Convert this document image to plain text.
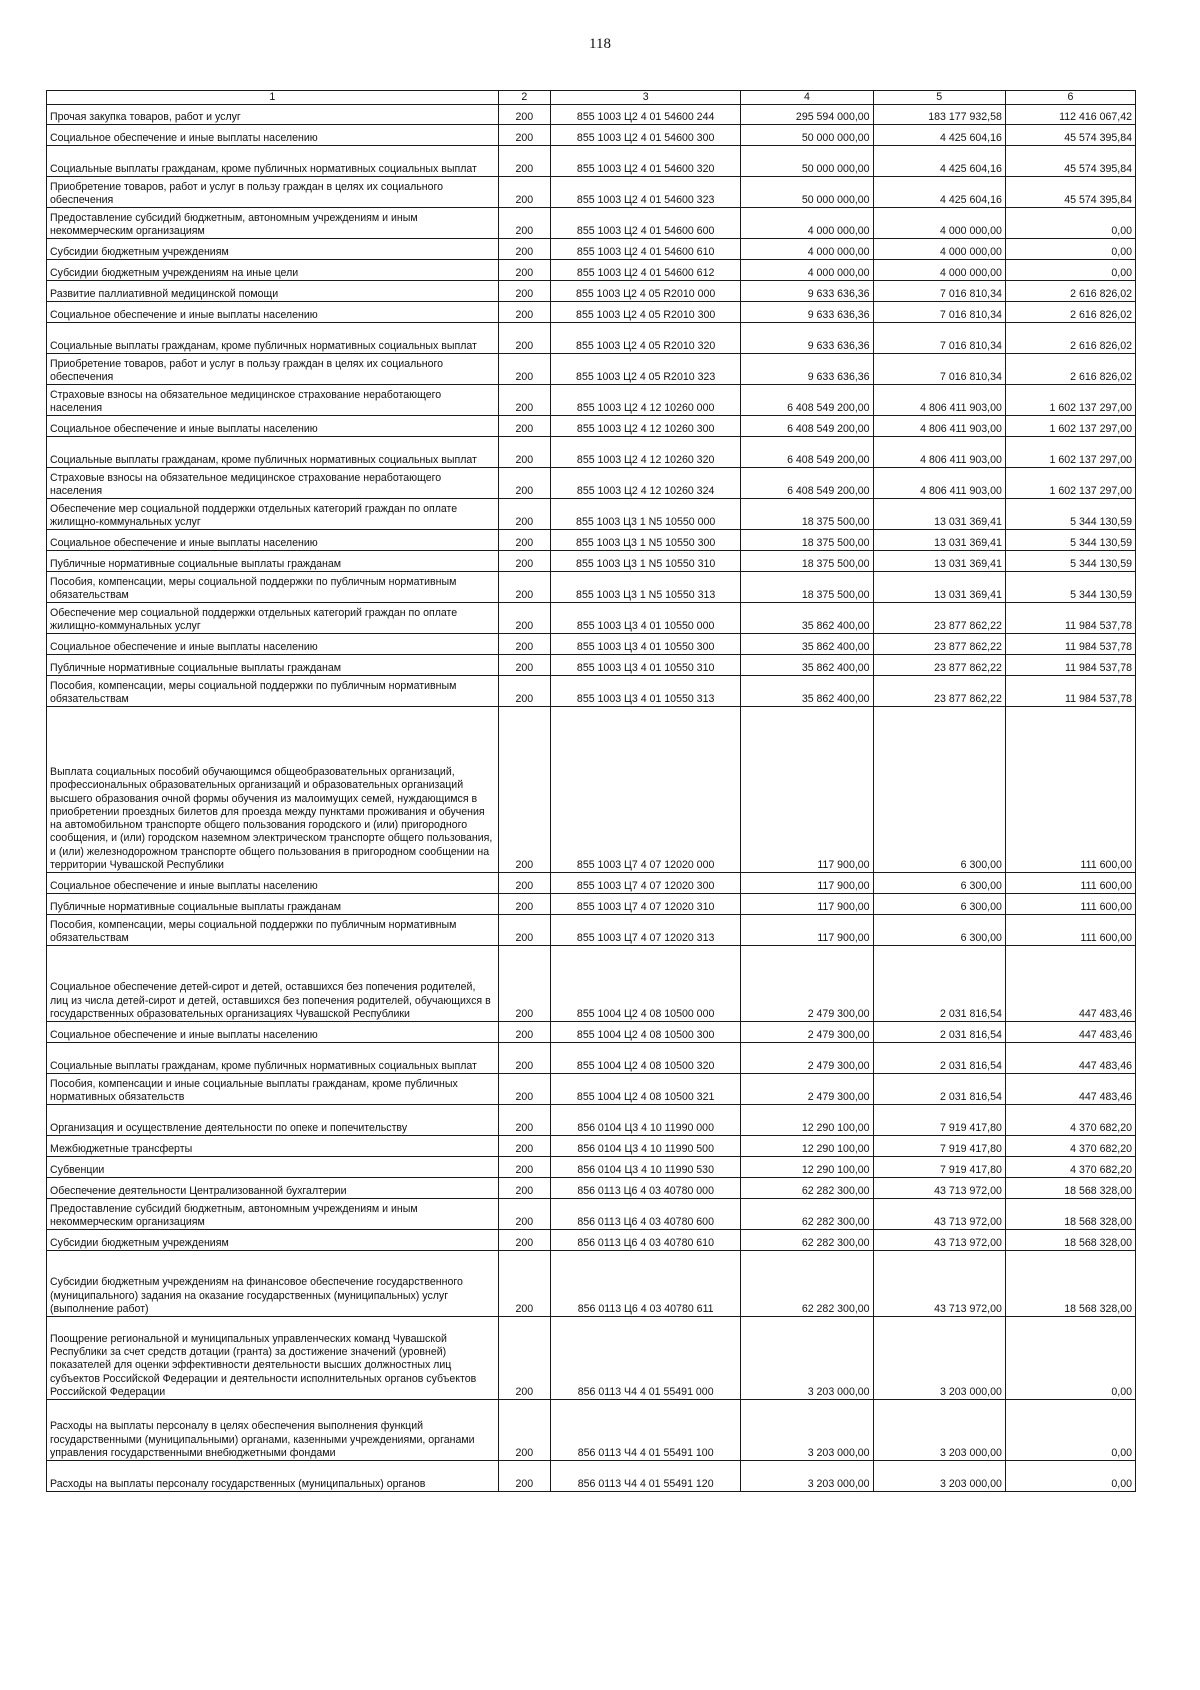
118
1	2	3	4	5	6
Прочая закупка товаров, работ и услуг	200	855 1003 Ц2 4 01 54600 244	295 594 000,00	183 177 932,58	112 416 067,42
Социальное обеспечение и иные выплаты населению	200	855 1003 Ц2 4 01 54600 300	50 000 000,00	4 425 604,16	45 574 395,84
Социальные выплаты гражданам, кроме публичных нормативных социальных выплат	200	855 1003 Ц2 4 01 54600 320	50 000 000,00	4 425 604,16	45 574 395,84
Приобретение товаров, работ и услуг в пользу граждан в целях их социального обеспечения	200	855 1003 Ц2 4 01 54600 323	50 000 000,00	4 425 604,16	45 574 395,84
Предоставление субсидий бюджетным, автономным учреждениям и иным некоммерческим организациям	200	855 1003 Ц2 4 01 54600 600	4 000 000,00	4 000 000,00	0,00
Субсидии бюджетным учреждениям	200	855 1003 Ц2 4 01 54600 610	4 000 000,00	4 000 000,00	0,00
Субсидии бюджетным учреждениям на иные цели	200	855 1003 Ц2 4 01 54600 612	4 000 000,00	4 000 000,00	0,00
Развитие паллиативной медицинской помощи	200	855 1003 Ц2 4 05 R2010 000	9 633 636,36	7 016 810,34	2 616 826,02
Социальное обеспечение и иные выплаты населению	200	855 1003 Ц2 4 05 R2010 300	9 633 636,36	7 016 810,34	2 616 826,02
Социальные выплаты гражданам, кроме публичных нормативных социальных выплат	200	855 1003 Ц2 4 05 R2010 320	9 633 636,36	7 016 810,34	2 616 826,02
Приобретение товаров, работ и услуг в пользу граждан в целях их социального обеспечения	200	855 1003 Ц2 4 05 R2010 323	9 633 636,36	7 016 810,34	2 616 826,02
Страховые взносы на обязательное медицинское страхование неработающего населения	200	855 1003 Ц2 4 12 10260 000	6 408 549 200,00	4 806 411 903,00	1 602 137 297,00
Социальное обеспечение и иные выплаты населению	200	855 1003 Ц2 4 12 10260 300	6 408 549 200,00	4 806 411 903,00	1 602 137 297,00
Социальные выплаты гражданам, кроме публичных нормативных социальных выплат	200	855 1003 Ц2 4 12 10260 320	6 408 549 200,00	4 806 411 903,00	1 602 137 297,00
Страховые взносы на обязательное медицинское страхование неработающего населения	200	855 1003 Ц2 4 12 10260 324	6 408 549 200,00	4 806 411 903,00	1 602 137 297,00
Обеспечение мер социальной поддержки отдельных категорий граждан по оплате жилищно-коммунальных услуг	200	855 1003 Ц3 1 N5 10550 000	18 375 500,00	13 031 369,41	5 344 130,59
Социальное обеспечение и иные выплаты населению	200	855 1003 Ц3 1 N5 10550 300	18 375 500,00	13 031 369,41	5 344 130,59
Публичные нормативные социальные выплаты гражданам	200	855 1003 Ц3 1 N5 10550 310	18 375 500,00	13 031 369,41	5 344 130,59
Пособия, компенсации, меры социальной поддержки по публичным нормативным обязательствам	200	855 1003 Ц3 1 N5 10550 313	18 375 500,00	13 031 369,41	5 344 130,59
Обеспечение мер социальной поддержки отдельных категорий граждан по оплате жилищно-коммунальных услуг	200	855 1003 Ц3 4 01 10550 000	35 862 400,00	23 877 862,22	11 984 537,78
Социальное обеспечение и иные выплаты населению	200	855 1003 Ц3 4 01 10550 300	35 862 400,00	23 877 862,22	11 984 537,78
Публичные нормативные социальные выплаты гражданам	200	855 1003 Ц3 4 01 10550 310	35 862 400,00	23 877 862,22	11 984 537,78
Пособия, компенсации, меры социальной поддержки по публичным нормативным обязательствам	200	855 1003 Ц3 4 01 10550 313	35 862 400,00	23 877 862,22	11 984 537,78
Выплата социальных пособий обучающимся общеобразовательных организаций, профессиональных образовательных организаций и образовательных организаций высшего образования очной формы обучения из малоимущих семей, нуждающимся в приобретении проездных билетов для проезда между пунктами проживания и обучения на автомобильном транспорте общего пользования городского и (или) пригородного сообщения, и (или) городском наземном электрическом транспорте общего пользования, и (или) железнодорожном транспорте общего пользования в пригородном сообщении на территории Чувашской Республики	200	855 1003 Ц7 4 07 12020 000	117 900,00	6 300,00	111 600,00
Социальное обеспечение и иные выплаты населению	200	855 1003 Ц7 4 07 12020 300	117 900,00	6 300,00	111 600,00
Публичные нормативные социальные выплаты гражданам	200	855 1003 Ц7 4 07 12020 310	117 900,00	6 300,00	111 600,00
Пособия, компенсации, меры социальной поддержки по публичным нормативным обязательствам	200	855 1003 Ц7 4 07 12020 313	117 900,00	6 300,00	111 600,00
Социальное обеспечение детей-сирот и детей, оставшихся без попечения родителей, лиц из числа детей-сирот и детей, оставшихся без попечения родителей, обучающихся в государственных образовательных организациях Чувашской Республики	200	855 1004 Ц2 4 08 10500 000	2 479 300,00	2 031 816,54	447 483,46
Социальное обеспечение и иные выплаты населению	200	855 1004 Ц2 4 08 10500 300	2 479 300,00	2 031 816,54	447 483,46
Социальные выплаты гражданам, кроме публичных нормативных социальных выплат	200	855 1004 Ц2 4 08 10500 320	2 479 300,00	2 031 816,54	447 483,46
Пособия, компенсации и иные социальные выплаты гражданам, кроме публичных нормативных обязательств	200	855 1004 Ц2 4 08 10500 321	2 479 300,00	2 031 816,54	447 483,46
Организация и осуществление деятельности по опеке и попечительству	200	856 0104 Ц3 4 10 11990 000	12 290 100,00	7 919 417,80	4 370 682,20
Межбюджетные трансферты	200	856 0104 Ц3 4 10 11990 500	12 290 100,00	7 919 417,80	4 370 682,20
Субвенции	200	856 0104 Ц3 4 10 11990 530	12 290 100,00	7 919 417,80	4 370 682,20
Обеспечение деятельности Централизованной бухгалтерии	200	856 0113 Ц6 4 03 40780 000	62 282 300,00	43 713 972,00	18 568 328,00
Предоставление субсидий бюджетным, автономным учреждениям и иным некоммерческим организациям	200	856 0113 Ц6 4 03 40780 600	62 282 300,00	43 713 972,00	18 568 328,00
Субсидии бюджетным учреждениям	200	856 0113 Ц6 4 03 40780 610	62 282 300,00	43 713 972,00	18 568 328,00
Субсидии бюджетным учреждениям на финансовое обеспечение государственного (муниципального) задания на оказание государственных (муниципальных) услуг (выполнение работ)	200	856 0113 Ц6 4 03 40780 611	62 282 300,00	43 713 972,00	18 568 328,00
Поощрение региональной и муниципальных управленческих команд Чувашской Республики за счет средств дотации (гранта) за достижение значений (уровней) показателей для оценки эффективности деятельности высших должностных лиц субъектов Российской Федерации и деятельности исполнительных органов субъектов Российской Федерации	200	856 0113 Ч4 4 01 55491 000	3 203 000,00	3 203 000,00	0,00
Расходы на выплаты персоналу в целях обеспечения выполнения функций государственными (муниципальными) органами, казенными учреждениями, органами управления государственными внебюджетными фондами	200	856 0113 Ч4 4 01 55491 100	3 203 000,00	3 203 000,00	0,00
Расходы на выплаты персоналу государственных (муниципальных) органов	200	856 0113 Ч4 4 01 55491 120	3 203 000,00	3 203 000,00	0,00
